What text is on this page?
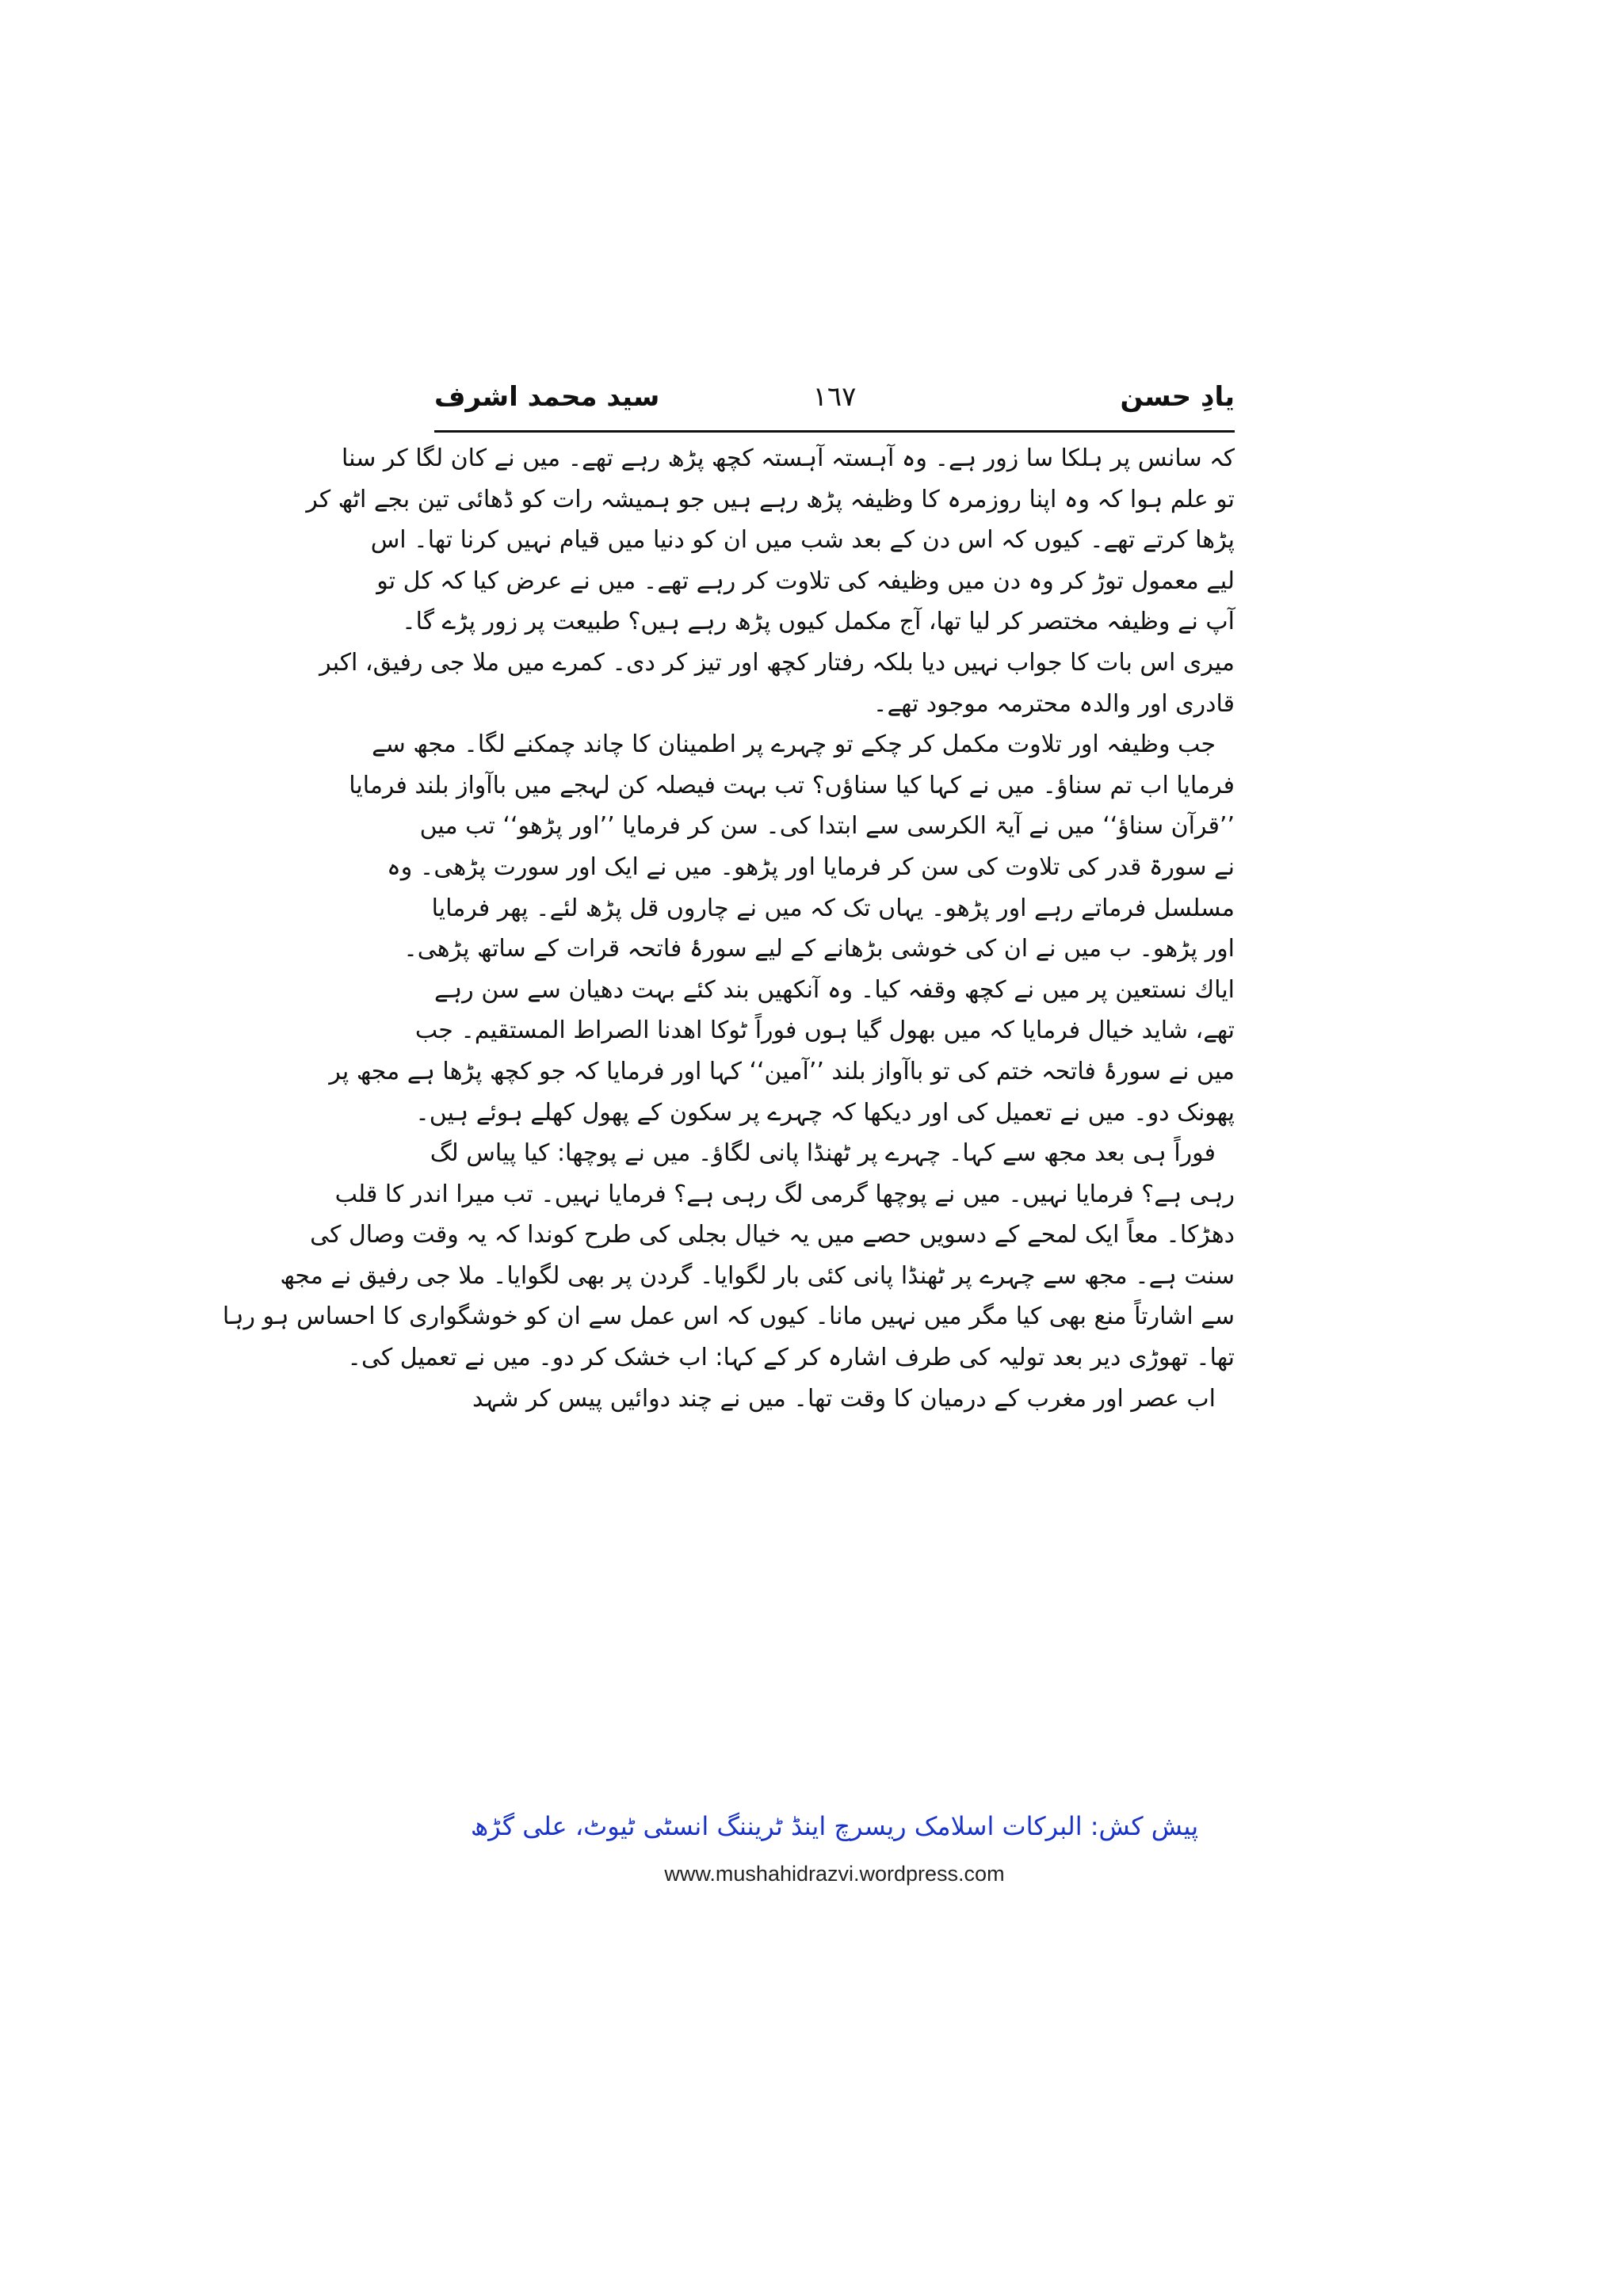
یادِ حسن
١٦٧
سید محمد اشرف
کہ سانس پر ہلکا سا زور ہے۔ وہ آہستہ آہستہ کچھ پڑھ رہے تھے۔ میں نے کان لگا کر سنا
تو علم ہوا کہ وہ اپنا روزمرہ کا وظیفہ پڑھ رہے ہیں جو ہمیشہ رات کو ڈھائی تین بجے اٹھ کر
پڑھا کرتے تھے۔ کیوں کہ اس دن کے بعد شب میں ان کو دنیا میں قیام نہیں کرنا تھا۔ اس
لیے معمول توڑ کر وہ دن میں وظیفہ کی تلاوت کر رہے تھے۔ میں نے عرض کیا کہ کل تو
آپ نے وظیفہ مختصر کر لیا تھا، آج مکمل کیوں پڑھ رہے ہیں؟ طبیعت پر زور پڑے گا۔
میری اس بات کا جواب نہیں دیا بلکہ رفتار کچھ اور تیز کر دی۔ کمرے میں ملا جی رفیق، اکبر
قادری اور والدہ محترمہ موجود تھے۔
جب وظیفہ اور تلاوت مکمل کر چکے تو چہرے پر اطمینان کا چاند چمکنے لگا۔ مجھ سے
فرمایا اب تم سناؤ۔ میں نے کہا کیا سناؤں؟ تب بہت فیصلہ کن لہجے میں باآواز بلند فرمایا
’’قرآن سناؤ‘‘ میں نے آیۃ الکرسی سے ابتدا کی۔ سن کر فرمایا ’’اور پڑھو‘‘ تب میں
نے سورۃ قدر کی تلاوت کی سن کر فرمایا اور پڑھو۔ میں نے ایک اور سورت پڑھی۔ وہ
مسلسل فرماتے رہے اور پڑھو۔ یہاں تک کہ میں نے چاروں قل پڑھ لئے۔ پھر فرمایا
اور پڑھو۔ ب میں نے ان کی خوشی بڑھانے کے لیے سورۂ فاتحہ قرات کے ساتھ پڑھی۔
ایاك نستعین پر میں نے کچھ وقفہ کیا۔ وہ آنکھیں بند کئے بہت دھیان سے سن رہے
تھے، شاید خیال فرمایا کہ میں بھول گیا ہوں فوراً ٹوکا اھدنا الصراط المستقیم۔ جب
میں نے سورۂ فاتحہ ختم کی تو باآواز بلند ’’آمین‘‘ کہا اور فرمایا کہ جو کچھ پڑھا ہے مجھ پر
پھونک دو۔ میں نے تعمیل کی اور دیکھا کہ چہرے پر سکون کے پھول کھلے ہوئے ہیں۔
فوراً ہی بعد مجھ سے کہا۔ چہرے پر ٹھنڈا پانی لگاؤ۔ میں نے پوچھا: کیا پیاس لگ
رہی ہے؟ فرمایا نہیں۔ میں نے پوچھا گرمی لگ رہی ہے؟ فرمایا نہیں۔ تب میرا اندر کا قلب
دھڑکا۔ معاً ایک لمحے کے دسویں حصے میں یہ خیال بجلی کی طرح کوندا کہ یہ وقت وصال کی
سنت ہے۔ مجھ سے چہرے پر ٹھنڈا پانی کئی بار لگوایا۔ گردن پر بھی لگوایا۔ ملا جی رفیق نے مجھ
سے اشارتاً منع بھی کیا مگر میں نہیں مانا۔ کیوں کہ اس عمل سے ان کو خوشگواری کا احساس ہو رہا
تھا۔ تھوڑی دیر بعد تولیہ کی طرف اشارہ کر کے کہا: اب خشک کر دو۔ میں نے تعمیل کی۔
اب عصر اور مغرب کے درمیان کا وقت تھا۔ میں نے چند دوائیں پیس کر شہد
پیش کش: البرکات اسلامک ریسرچ اینڈ ٹریننگ انسٹی ٹیوٹ، علی گڑھ
www.mushahidrazvi.wordpress.com
